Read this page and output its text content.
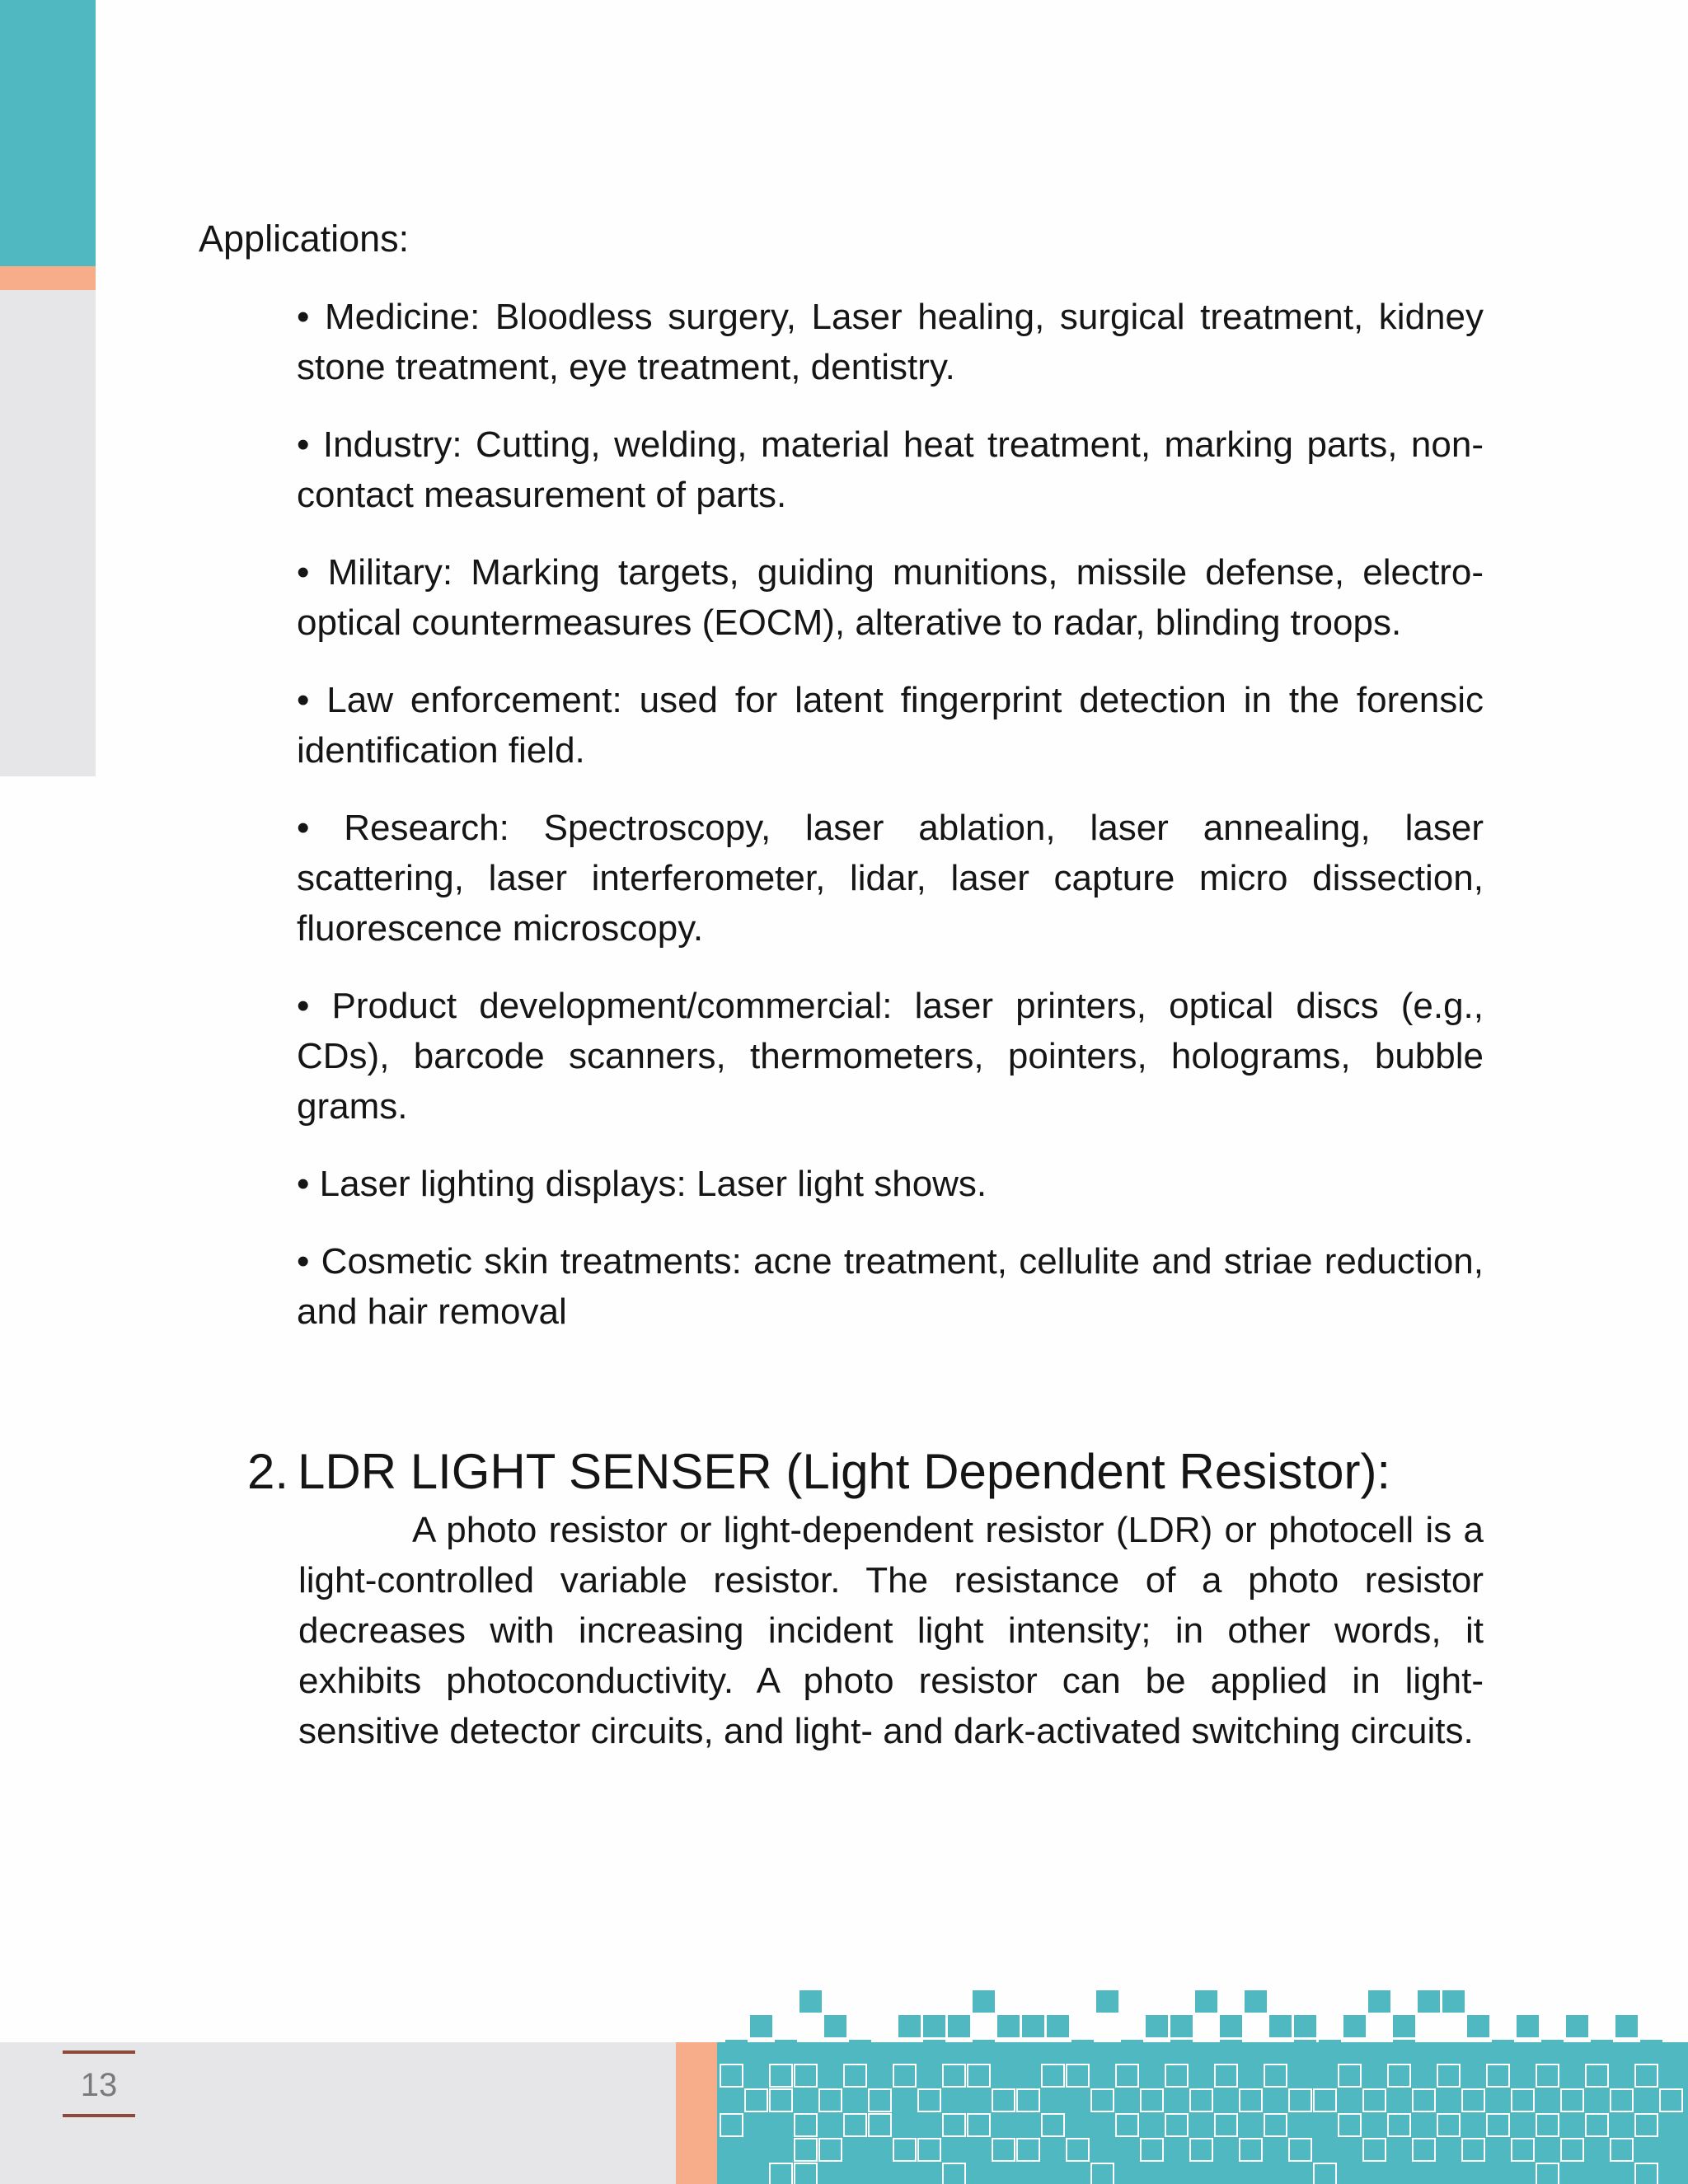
Applications:

• Medicine: Bloodless surgery, Laser healing, surgical treatment, kidney stone treatment, eye treatment, dentistry.
• Industry: Cutting, welding, material heat treatment, marking parts, non-contact measurement of parts.
• Military: Marking targets, guiding munitions, missile defense, electro-optical countermeasures (EOCM), alterative to radar, blinding troops.
• Law enforcement: used for latent fingerprint detection in the forensic identification field.
• Research: Spectroscopy, laser ablation, laser annealing, laser scattering, laser interferometer, lidar, laser capture micro dissection, fluorescence microscopy.
• Product development/commercial: laser printers, optical discs (e.g., CDs), barcode scanners, thermometers, pointers, holograms, bubble grams.
• Laser lighting displays: Laser light shows.
• Cosmetic skin treatments: acne treatment, cellulite and striae reduction, and hair removal
2. LDR LIGHT SENSER (Light Dependent Resistor):

A photo resistor or light-dependent resistor (LDR) or photocell is a light-controlled variable resistor. The resistance of a photo resistor decreases with increasing incident light intensity; in other words, it exhibits photoconductivity. A photo resistor can be applied in light-sensitive detector circuits, and light- and dark-activated switching circuits.

13
